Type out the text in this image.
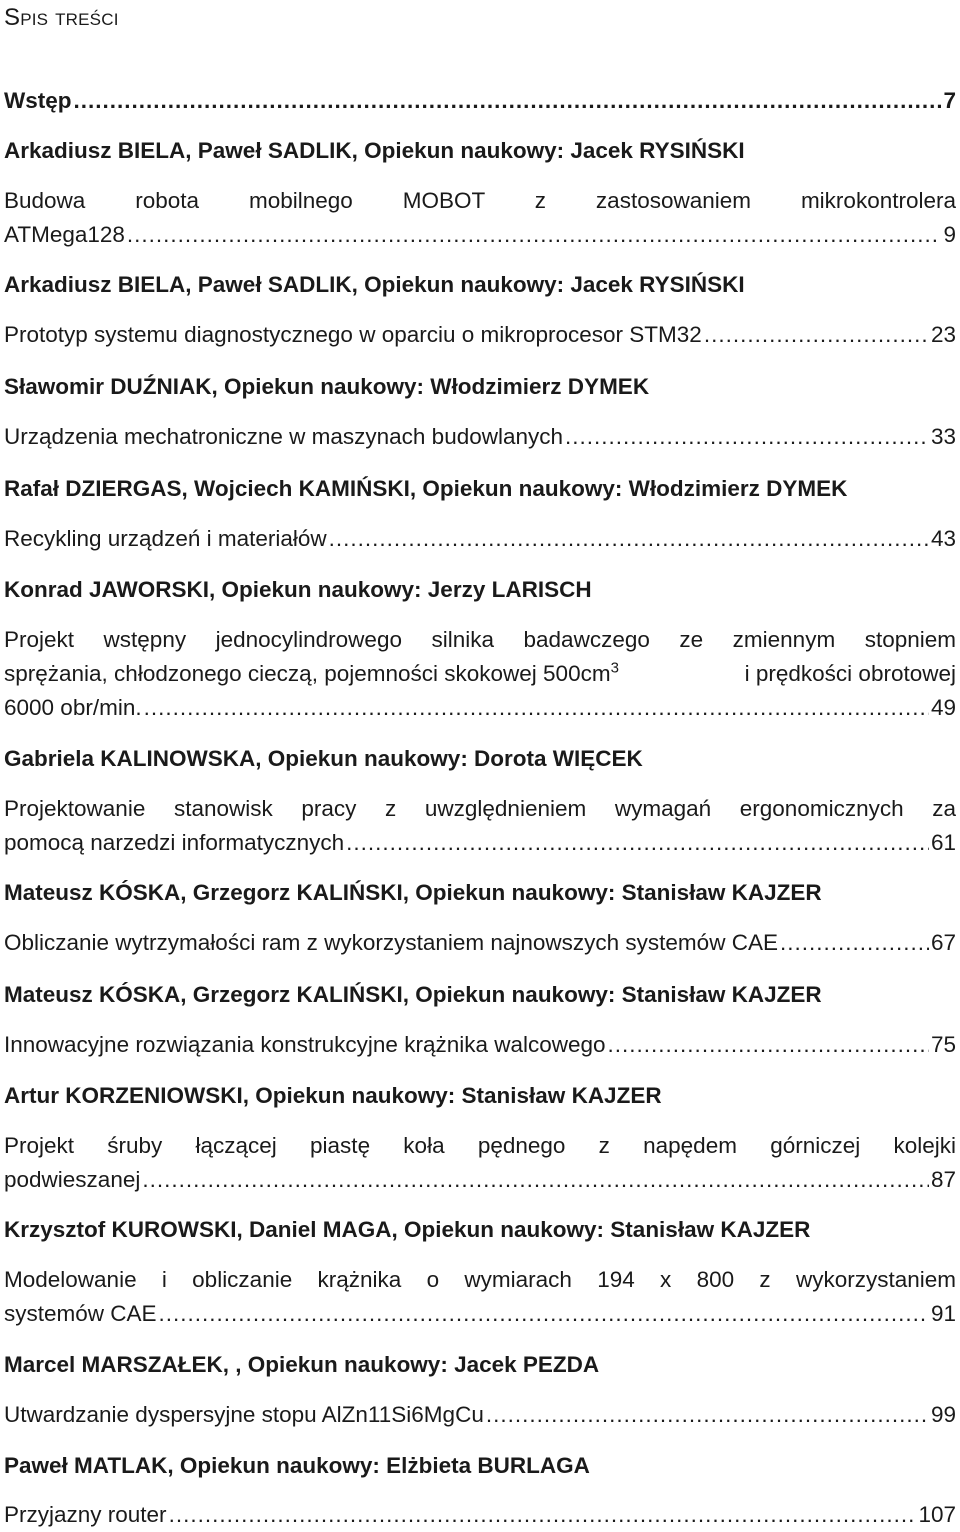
Spis treści
Wstęp .....	7
Arkadiusz BIELA, Paweł SADLIK, Opiekun naukowy: Jacek RYSIŃSKI
Budowa robota mobilnego MOBOT z zastosowaniem mikrokontrolera
ATMega128 .....	9
Arkadiusz BIELA, Paweł SADLIK, Opiekun naukowy: Jacek RYSIŃSKI
Prototyp systemu diagnostycznego w oparciu o mikroprocesor STM32 .....	23
Sławomir DUŹNIAK, Opiekun naukowy: Włodzimierz DYMEK
Urządzenia mechatroniczne w maszynach budowlanych .....	33
Rafał DZIERGAS, Wojciech KAMIŃSKI, Opiekun naukowy: Włodzimierz DYMEK
Recykling urządzeń i materiałów .....	43
Konrad JAWORSKI, Opiekun naukowy: Jerzy LARISCH
Projekt wstępny jednocylindrowego silnika badawczego ze zmiennym stopniem
sprężania, chłodzonego cieczą, pojemności skokowej $500cm^3$	i prędkości obrotowej
6000 obr/min. .....	49
Gabriela KALINOWSKA, Opiekun naukowy: Dorota WIĘCEK
Projektowanie stanowisk pracy z uwzględnieniem wymagań ergonomicznych za
pomocą narzedzi informatycznych .....	61
Mateusz KÓSKA, Grzegorz KALIŃSKI, Opiekun naukowy: Stanisław KAJZER
Obliczanie wytrzymałości ram z wykorzystaniem najnowszych systemów CAE .....	67
Mateusz KÓSKA, Grzegorz KALIŃSKI, Opiekun naukowy: Stanisław KAJZER
Innowacyjne rozwiązania konstrukcyjne krążnika walcowego .....	75
Artur KORZENIOWSKI, Opiekun naukowy: Stanisław KAJZER
Projekt śruby łączącej piastę koła pędnego z napędem górniczej kolejki
podwieszanej .....	87
Krzysztof KUROWSKI, Daniel MAGA, Opiekun naukowy: Stanisław KAJZER
Modelowanie i obliczanie krążnika o wymiarach 194 x 800 z wykorzystaniem
systemów CAE .....	91
Marcel MARSZAŁEK, , Opiekun naukowy: Jacek PEZDA
Utwardzanie dyspersyjne stopu AlZn11Si6MgCu .....	99
Paweł MATLAK, Opiekun naukowy: Elżbieta BURLAGA
Przyjazny router .....	107
